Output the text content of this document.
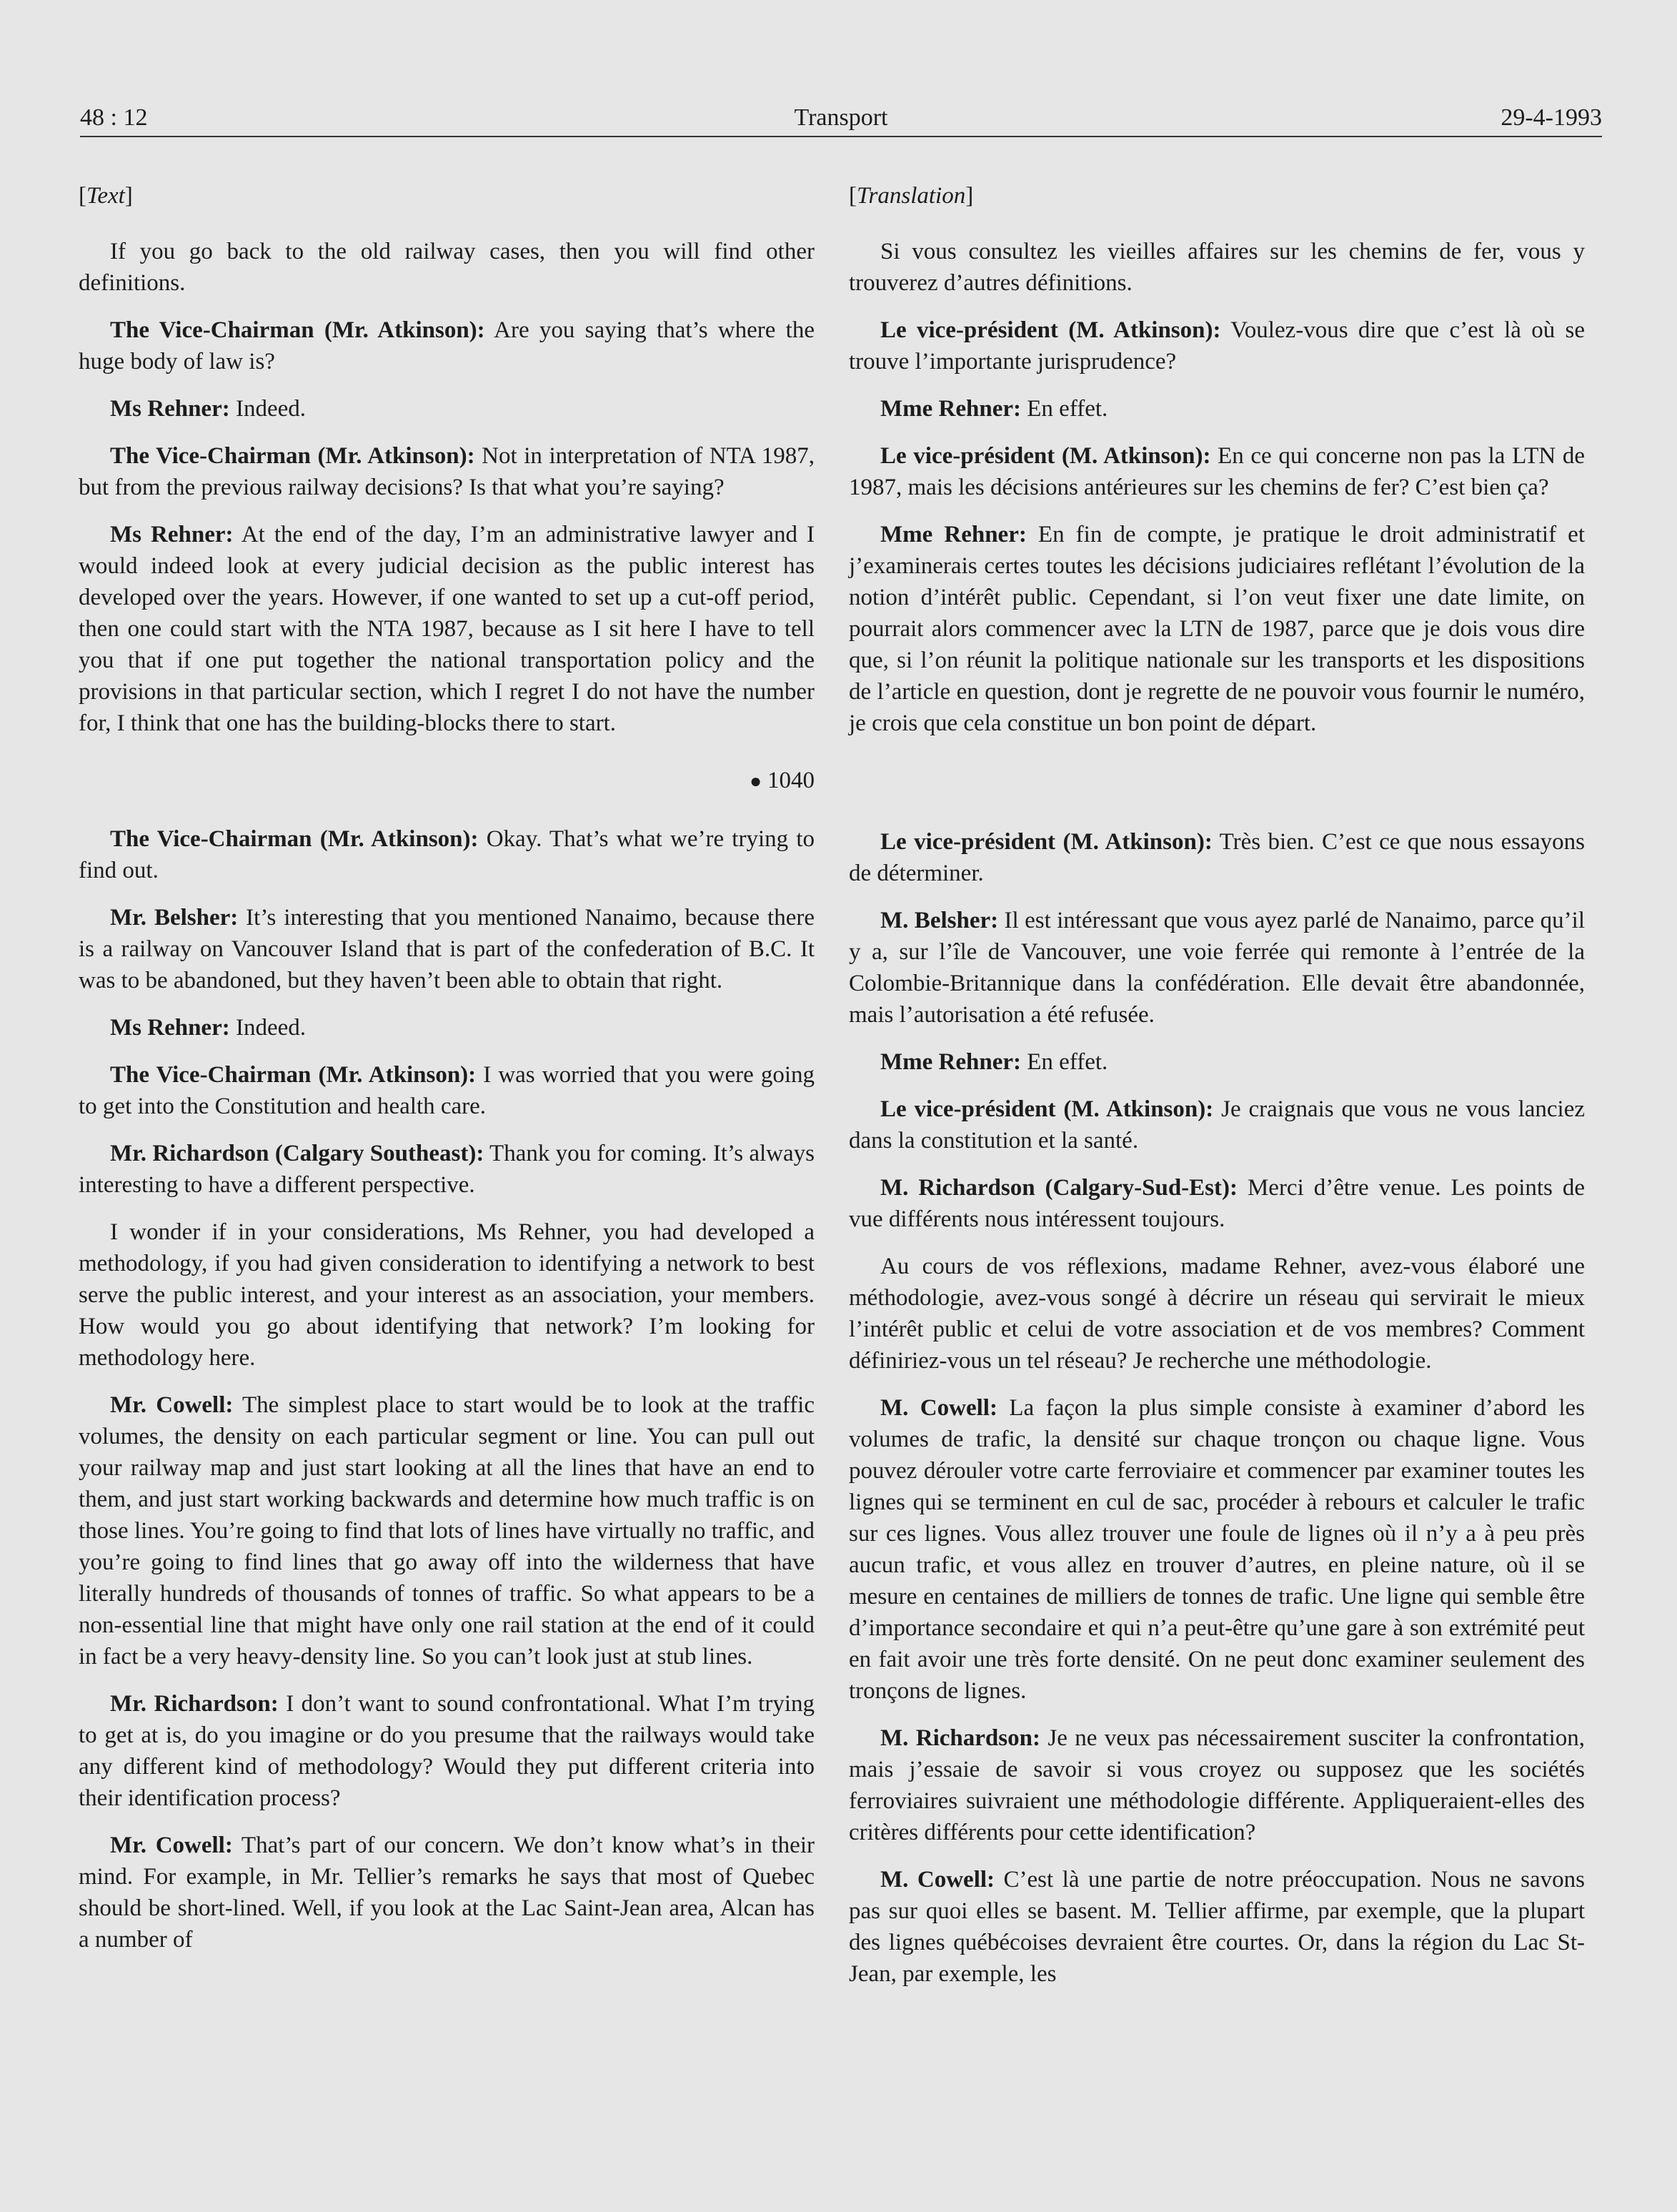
48 : 12	Transport	29-4-1993

[Text]

If you go back to the old railway cases, then you will find other definitions.

The Vice-Chairman (Mr. Atkinson): Are you saying that’s where the huge body of law is?

Ms Rehner: Indeed.

The Vice-Chairman (Mr. Atkinson): Not in interpretation of NTA 1987, but from the previous railway decisions? Is that what you’re saying?

Ms Rehner: At the end of the day, I’m an administrative lawyer and I would indeed look at every judicial decision as the public interest has developed over the years. However, if one wanted to set up a cut-off period, then one could start with the NTA 1987, because as I sit here I have to tell you that if one put together the national transportation policy and the provisions in that particular section, which I regret I do not have the number for, I think that one has the building-blocks there to start.

● 1040

The Vice-Chairman (Mr. Atkinson): Okay. That’s what we’re trying to find out.

Mr. Belsher: It’s interesting that you mentioned Nanaimo, because there is a railway on Vancouver Island that is part of the confederation of B.C. It was to be abandoned, but they haven’t been able to obtain that right.

Ms Rehner: Indeed.

The Vice-Chairman (Mr. Atkinson): I was worried that you were going to get into the Constitution and health care.

Mr. Richardson (Calgary Southeast): Thank you for coming. It’s always interesting to have a different perspective.

I wonder if in your considerations, Ms Rehner, you had developed a methodology, if you had given consideration to identifying a network to best serve the public interest, and your interest as an association, your members. How would you go about identifying that network? I’m looking for methodology here.

Mr. Cowell: The simplest place to start would be to look at the traffic volumes, the density on each particular segment or line. You can pull out your railway map and just start looking at all the lines that have an end to them, and just start working backwards and determine how much traffic is on those lines. You’re going to find that lots of lines have virtually no traffic, and you’re going to find lines that go away off into the wilderness that have literally hundreds of thousands of tonnes of traffic. So what appears to be a non-essential line that might have only one rail station at the end of it could in fact be a very heavy-density line. So you can’t look just at stub lines.

Mr. Richardson: I don’t want to sound confrontational. What I’m trying to get at is, do you imagine or do you presume that the railways would take any different kind of methodology? Would they put different criteria into their identification process?

Mr. Cowell: That’s part of our concern. We don’t know what’s in their mind. For example, in Mr. Tellier’s remarks he says that most of Quebec should be short-lined. Well, if you look at the Lac Saint-Jean area, Alcan has a number of

[Translation]

Si vous consultez les vieilles affaires sur les chemins de fer, vous y trouverez d’autres définitions.

Le vice-président (M. Atkinson): Voulez-vous dire que c’est là où se trouve l’importante jurisprudence?

Mme Rehner: En effet.

Le vice-président (M. Atkinson): En ce qui concerne non pas la LTN de 1987, mais les décisions antérieures sur les chemins de fer? C’est bien ça?

Mme Rehner: En fin de compte, je pratique le droit administratif et j’examinerais certes toutes les décisions judiciaires reflétant l’évolution de la notion d’intérêt public. Cependant, si l’on veut fixer une date limite, on pourrait alors commencer avec la LTN de 1987, parce que je dois vous dire que, si l’on réunit la politique nationale sur les transports et les dispositions de l’article en question, dont je regrette de ne pouvoir vous fournir le numéro, je crois que cela constitue un bon point de départ.

Le vice-président (M. Atkinson): Très bien. C’est ce que nous essayons de déterminer.

M. Belsher: Il est intéressant que vous ayez parlé de Nanaimo, parce qu’il y a, sur l’île de Vancouver, une voie ferrée qui remonte à l’entrée de la Colombie-Britannique dans la confédération. Elle devait être abandonnée, mais l’autorisation a été refusée.

Mme Rehner: En effet.

Le vice-président (M. Atkinson): Je craignais que vous ne vous lanciez dans la constitution et la santé.

M. Richardson (Calgary-Sud-Est): Merci d’être venue. Les points de vue différents nous intéressent toujours.

Au cours de vos réflexions, madame Rehner, avez-vous élaboré une méthodologie, avez-vous songé à décrire un réseau qui servirait le mieux l’intérêt public et celui de votre association et de vos membres? Comment définiriez-vous un tel réseau? Je recherche une méthodologie.

M. Cowell: La façon la plus simple consiste à examiner d’abord les volumes de trafic, la densité sur chaque tronçon ou chaque ligne. Vous pouvez dérouler votre carte ferroviaire et commencer par examiner toutes les lignes qui se terminent en cul de sac, procéder à rebours et calculer le trafic sur ces lignes. Vous allez trouver une foule de lignes où il n’y a à peu près aucun trafic, et vous allez en trouver d’autres, en pleine nature, où il se mesure en centaines de milliers de tonnes de trafic. Une ligne qui semble être d’importance secondaire et qui n’a peut-être qu’une gare à son extrémité peut en fait avoir une très forte densité. On ne peut donc examiner seulement des tronçons de lignes.

M. Richardson: Je ne veux pas nécessairement susciter la confrontation, mais j’essaie de savoir si vous croyez ou supposez que les sociétés ferroviaires suivraient une méthodologie différente. Appliqueraient-elles des critères différents pour cette identification?

M. Cowell: C’est là une partie de notre préoccupation. Nous ne savons pas sur quoi elles se basent. M. Tellier affirme, par exemple, que la plupart des lignes québécoises devraient être courtes. Or, dans la région du Lac St-Jean, par exemple, les
